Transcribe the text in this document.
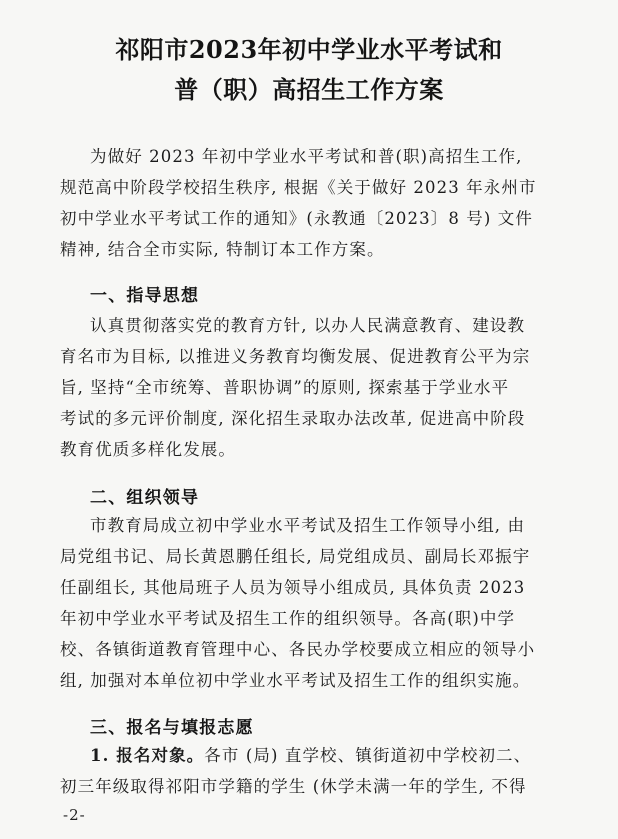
祁阳市2023年初中学业水平考试和
普（职）高招生工作方案
为做好 2023 年初中学业水平考试和普(职)高招生工作,
规范高中阶段学校招生秩序, 根据《关于做好 2023 年永州市
初中学业水平考试工作的通知》(永教通〔2023〕8 号) 文件
精神, 结合全市实际, 特制订本工作方案。
一、指导思想
认真贯彻落实党的教育方针, 以办人民满意教育、建设教
育名市为目标, 以推进义务教育均衡发展、促进教育公平为宗
旨, 坚持“全市统筹、普职协调”的原则, 探索基于学业水平
考试的多元评价制度, 深化招生录取办法改革, 促进高中阶段
教育优质多样化发展。
二、组织领导
市教育局成立初中学业水平考试及招生工作领导小组, 由
局党组书记、局长黄恩鹏任组长, 局党组成员、副局长邓振宇
任副组长, 其他局班子人员为领导小组成员, 具体负责 2023
年初中学业水平考试及招生工作的组织领导。各高(职)中学
校、各镇街道教育管理中心、各民办学校要成立相应的领导小
组, 加强对本单位初中学业水平考试及招生工作的组织实施。
三、报名与填报志愿
1. 报名对象。各市 (局) 直学校、镇街道初中学校初二、
初三年级取得祁阳市学籍的学生 (休学未满一年的学生, 不得
-2-
